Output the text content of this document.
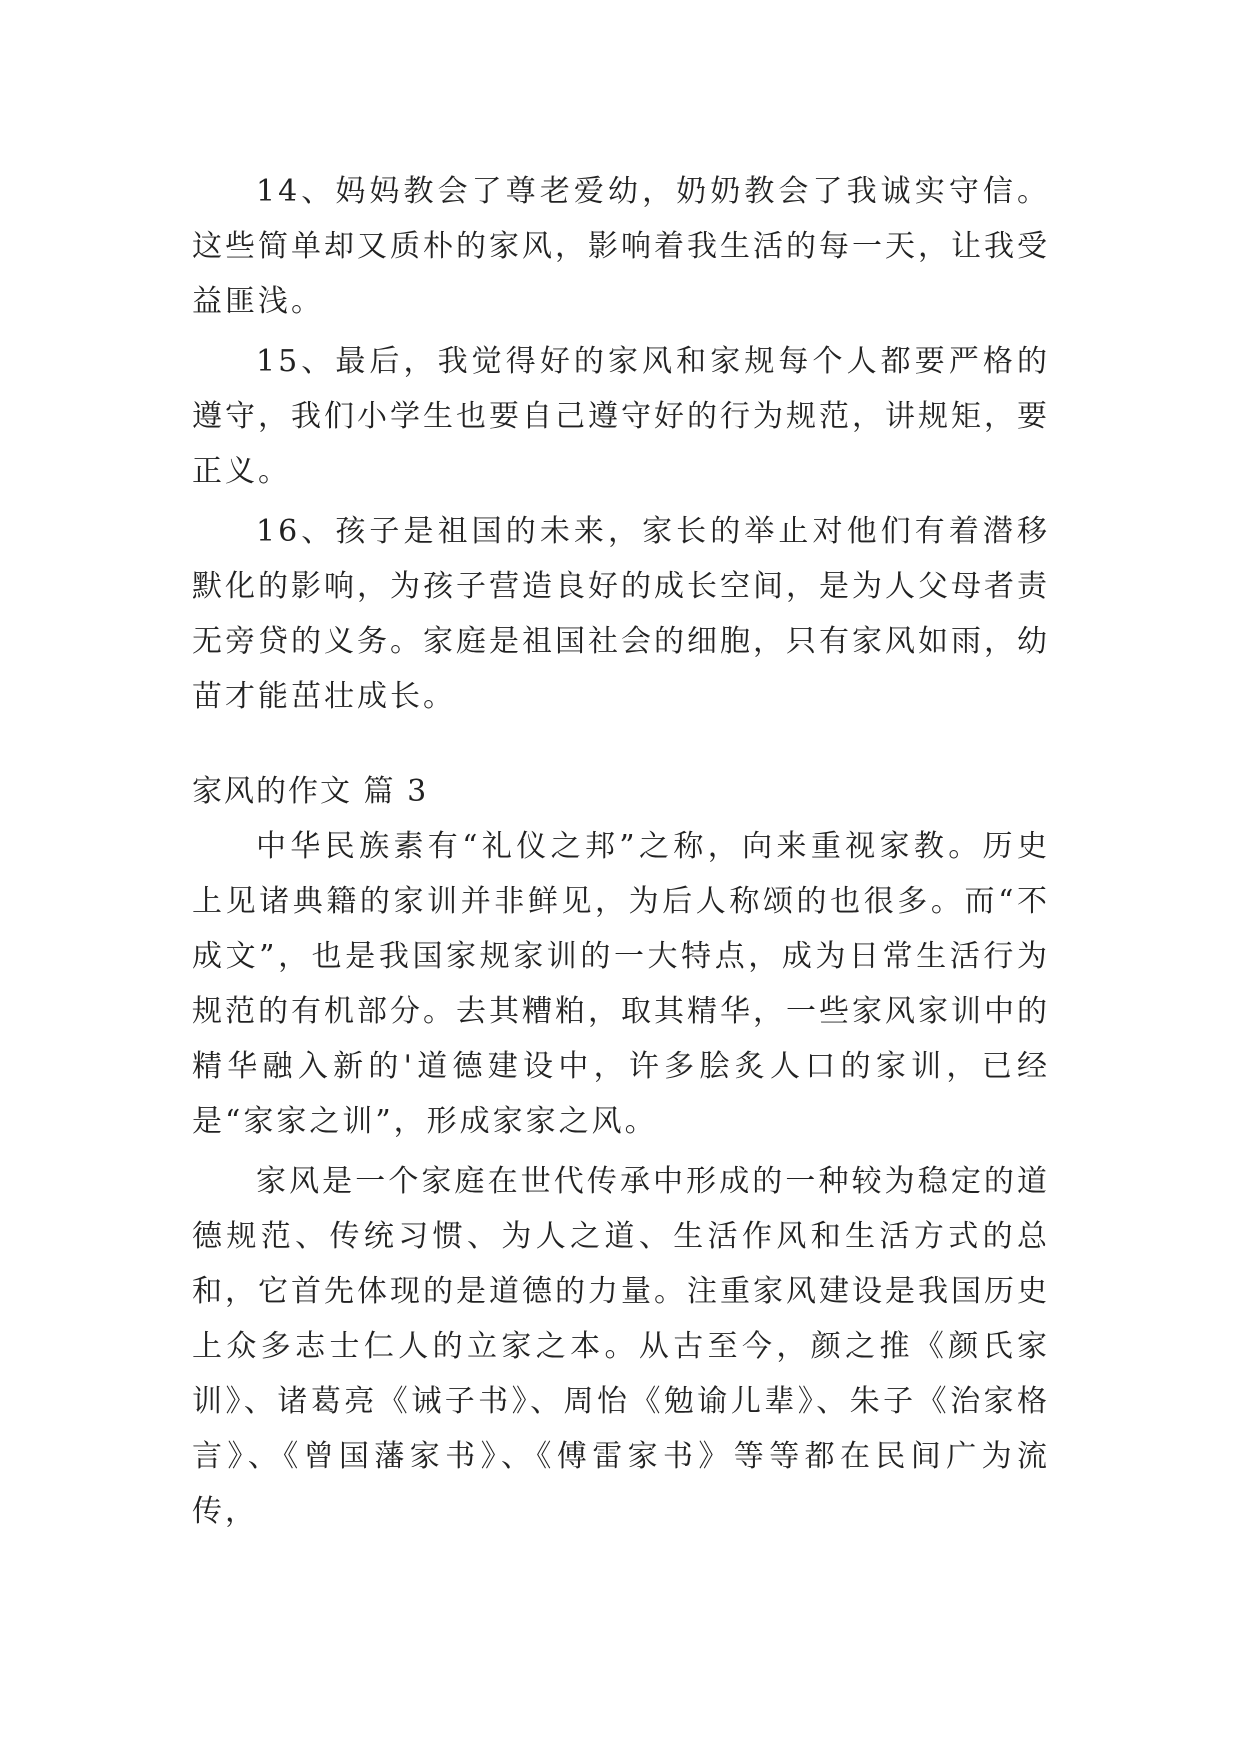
14、妈妈教会了尊老爱幼，奶奶教会了我诚实守信。这些简单却又质朴的家风，影响着我生活的每一天，让我受益匪浅。

15、最后，我觉得好的家风和家规每个人都要严格的遵守，我们小学生也要自己遵守好的行为规范，讲规矩，要正义。

16、孩子是祖国的未来，家长的举止对他们有着潜移默化的影响，为孩子营造良好的成长空间，是为人父母者责无旁贷的义务。家庭是祖国社会的细胞，只有家风如雨，幼苗才能茁壮成长。

家风的作文 篇 3

中华民族素有“礼仪之邦”之称，向来重视家教。历史上见诸典籍的家训并非鲜见，为后人称颂的也很多。而“不成文”，也是我国家规家训的一大特点，成为日常生活行为规范的有机部分。去其糟粕，取其精华，一些家风家训中的精华融入新的'道德建设中，许多脍炙人口的家训，已经是“家家之训”，形成家家之风。

家风是一个家庭在世代传承中形成的一种较为稳定的道德规范、传统习惯、为人之道、生活作风和生活方式的总和，它首先体现的是道德的力量。注重家风建设是我国历史上众多志士仁人的立家之本。从古至今，颜之推《颜氏家训》、诸葛亮《诫子书》、周怡《勉谕儿辈》、朱子《治家格言》、《曾国藩家书》、《傅雷家书》等等都在民间广为流传，
